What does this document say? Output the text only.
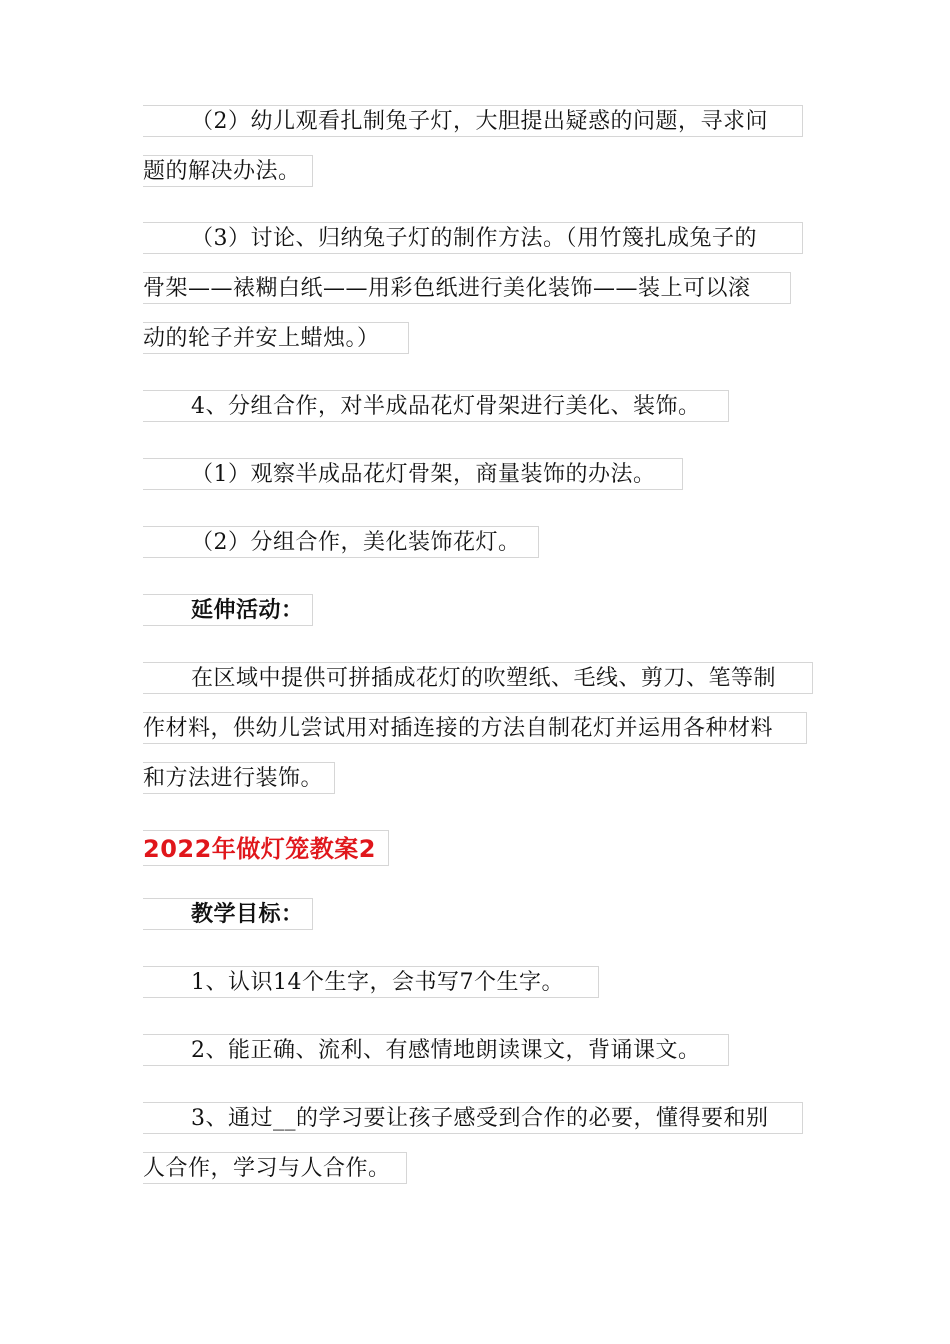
（2）幼儿观看扎制兔子灯，大胆提出疑惑的问题，寻求问
题的解决办法。
（3）讨论、归纳兔子灯的制作方法。（用竹篾扎成兔子的
骨架——裱糊白纸——用彩色纸进行美化装饰——装上可以滚
动的轮子并安上蜡烛。）
4、分组合作，对半成品花灯骨架进行美化、装饰。
（1）观察半成品花灯骨架，商量装饰的办法。
（2）分组合作，美化装饰花灯。
延伸活动：
在区域中提供可拼插成花灯的吹塑纸、毛线、剪刀、笔等制
作材料，供幼儿尝试用对插连接的方法自制花灯并运用各种材料
和方法进行装饰。
2022年做灯笼教案2
教学目标：
1、认识14个生字，会书写7个生字。
2、能正确、流利、有感情地朗读课文，背诵课文。
3、通过__的学习要让孩子感受到合作的必要，懂得要和别
人合作，学习与人合作。
